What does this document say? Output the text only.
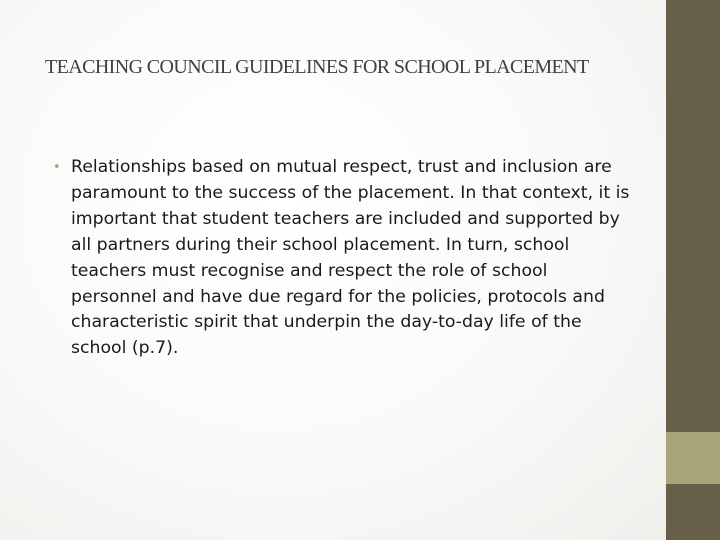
TEACHING COUNCIL GUIDELINES FOR SCHOOL PLACEMENT
• Relationships based on mutual respect, trust and inclusion are paramount to the success of the placement. In that context, it is important that student teachers are included and supported by all partners during their school placement. In turn, school teachers must recognise and respect the role of school personnel and have due regard for the policies, protocols and characteristic spirit that underpin the day-to-day life of the school (p.7).
